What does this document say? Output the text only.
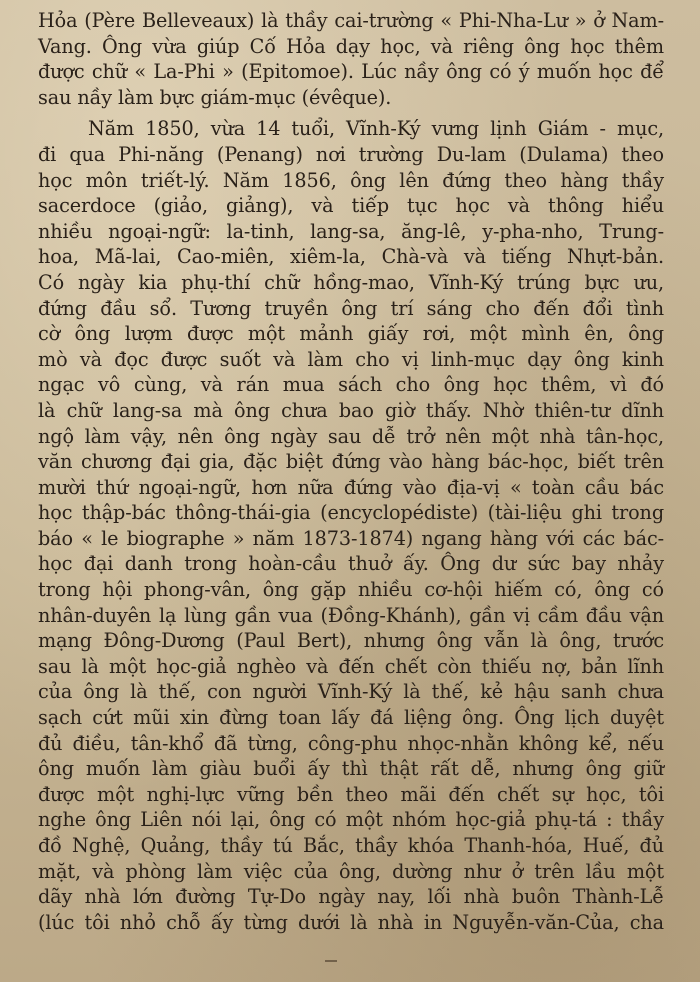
Hỏa (Père Belleveaux) là thầy cai-trường « Phi-Nha-Lư » ở Nam-
Vang. Ông vừa giúp Cố Hỏa dạy học, và riêng ông học thêm
được chữ « La-Phi » (Epitomoe). Lúc nầy ông có ý muốn học để
sau nầy làm bực giám-mục (évêque).
Năm 1850, vừa 14 tuổi, Vĩnh-Ký vưng lịnh Giám - mục,
đi qua Phi-năng (Penang) nơi trường Du-lam (Dulama) theo
học môn triết-lý. Năm 1856, ông lên đứng theo hàng thầy
sacerdoce (giảo, giảng), và tiếp tục học và thông hiểu
nhiều ngoại-ngữ: la-tinh, lang-sa, ăng-lê, y-pha-nho, Trung-
hoa, Mã-lai, Cao-miên, xiêm-la, Chà-và và tiếng Nhựt-bản.
Có ngày kia phụ-thí chữ hồng-mao, Vĩnh-Ký trúng bực ưu,
đứng đầu sổ. Tương truyền ông trí sáng cho đến đổi tình
cờ ông lượm được một mảnh giấy rơi, một mình ên, ông
mò và đọc được suốt và làm cho vị linh-mục dạy ông kinh
ngạc vô cùng, và rán mua sách cho ông học thêm, vì đó
là chữ lang-sa mà ông chưa bao giờ thấy. Nhờ thiên-tư dĩnh
ngộ làm vậy, nên ông ngày sau dễ trở nên một nhà tân-học,
văn chương đại gia, đặc biệt đứng vào hàng bác-học, biết trên
mười thứ ngoại-ngữ, hơn nữa đứng vào địa-vị « toàn cầu bác
học thập-bác thông-thái-gia (encyclopédiste) (tài-liệu ghi trong
báo « le biographe » năm 1873-1874) ngang hàng với các bác-
học đại danh trong hoàn-cầu thuở ấy. Ông dư sức bay nhảy
trong hội phong-vân, ông gặp nhiều cơ-hội hiếm có, ông có
nhân-duyên lạ lùng gần vua (Đồng-Khánh), gần vị cầm đầu vận
mạng Đông-Dương (Paul Bert), nhưng ông vẫn là ông, trước
sau là một học-giả nghèo và đến chết còn thiếu nợ, bản lĩnh
của ông là thế, con người Vĩnh-Ký là thế, kẻ hậu sanh chưa
sạch cứt mũi xin đừng toan lấy đá liệng ông. Ông lịch duyệt
đủ điều, tân-khổ đã từng, công-phu nhọc-nhằn không kể, nếu
ông muốn làm giàu buổi ấy thì thật rất dễ, nhưng ông giữ
được một nghị-lực vững bền theo mãi đến chết sự học, tôi
nghe ông Liên nói lại, ông có một nhóm học-giả phụ-tá : thầy
đồ Nghệ, Quảng, thầy tú Bắc, thầy khóa Thanh-hóa, Huế, đủ
mặt, và phòng làm việc của ông, dường như ở trên lầu một
dãy nhà lớn đường Tự-Do ngày nay, lối nhà buôn Thành-Lễ
(lúc tôi nhỏ chỗ ấy từng dưới là nhà in Nguyễn-văn-Của, cha
